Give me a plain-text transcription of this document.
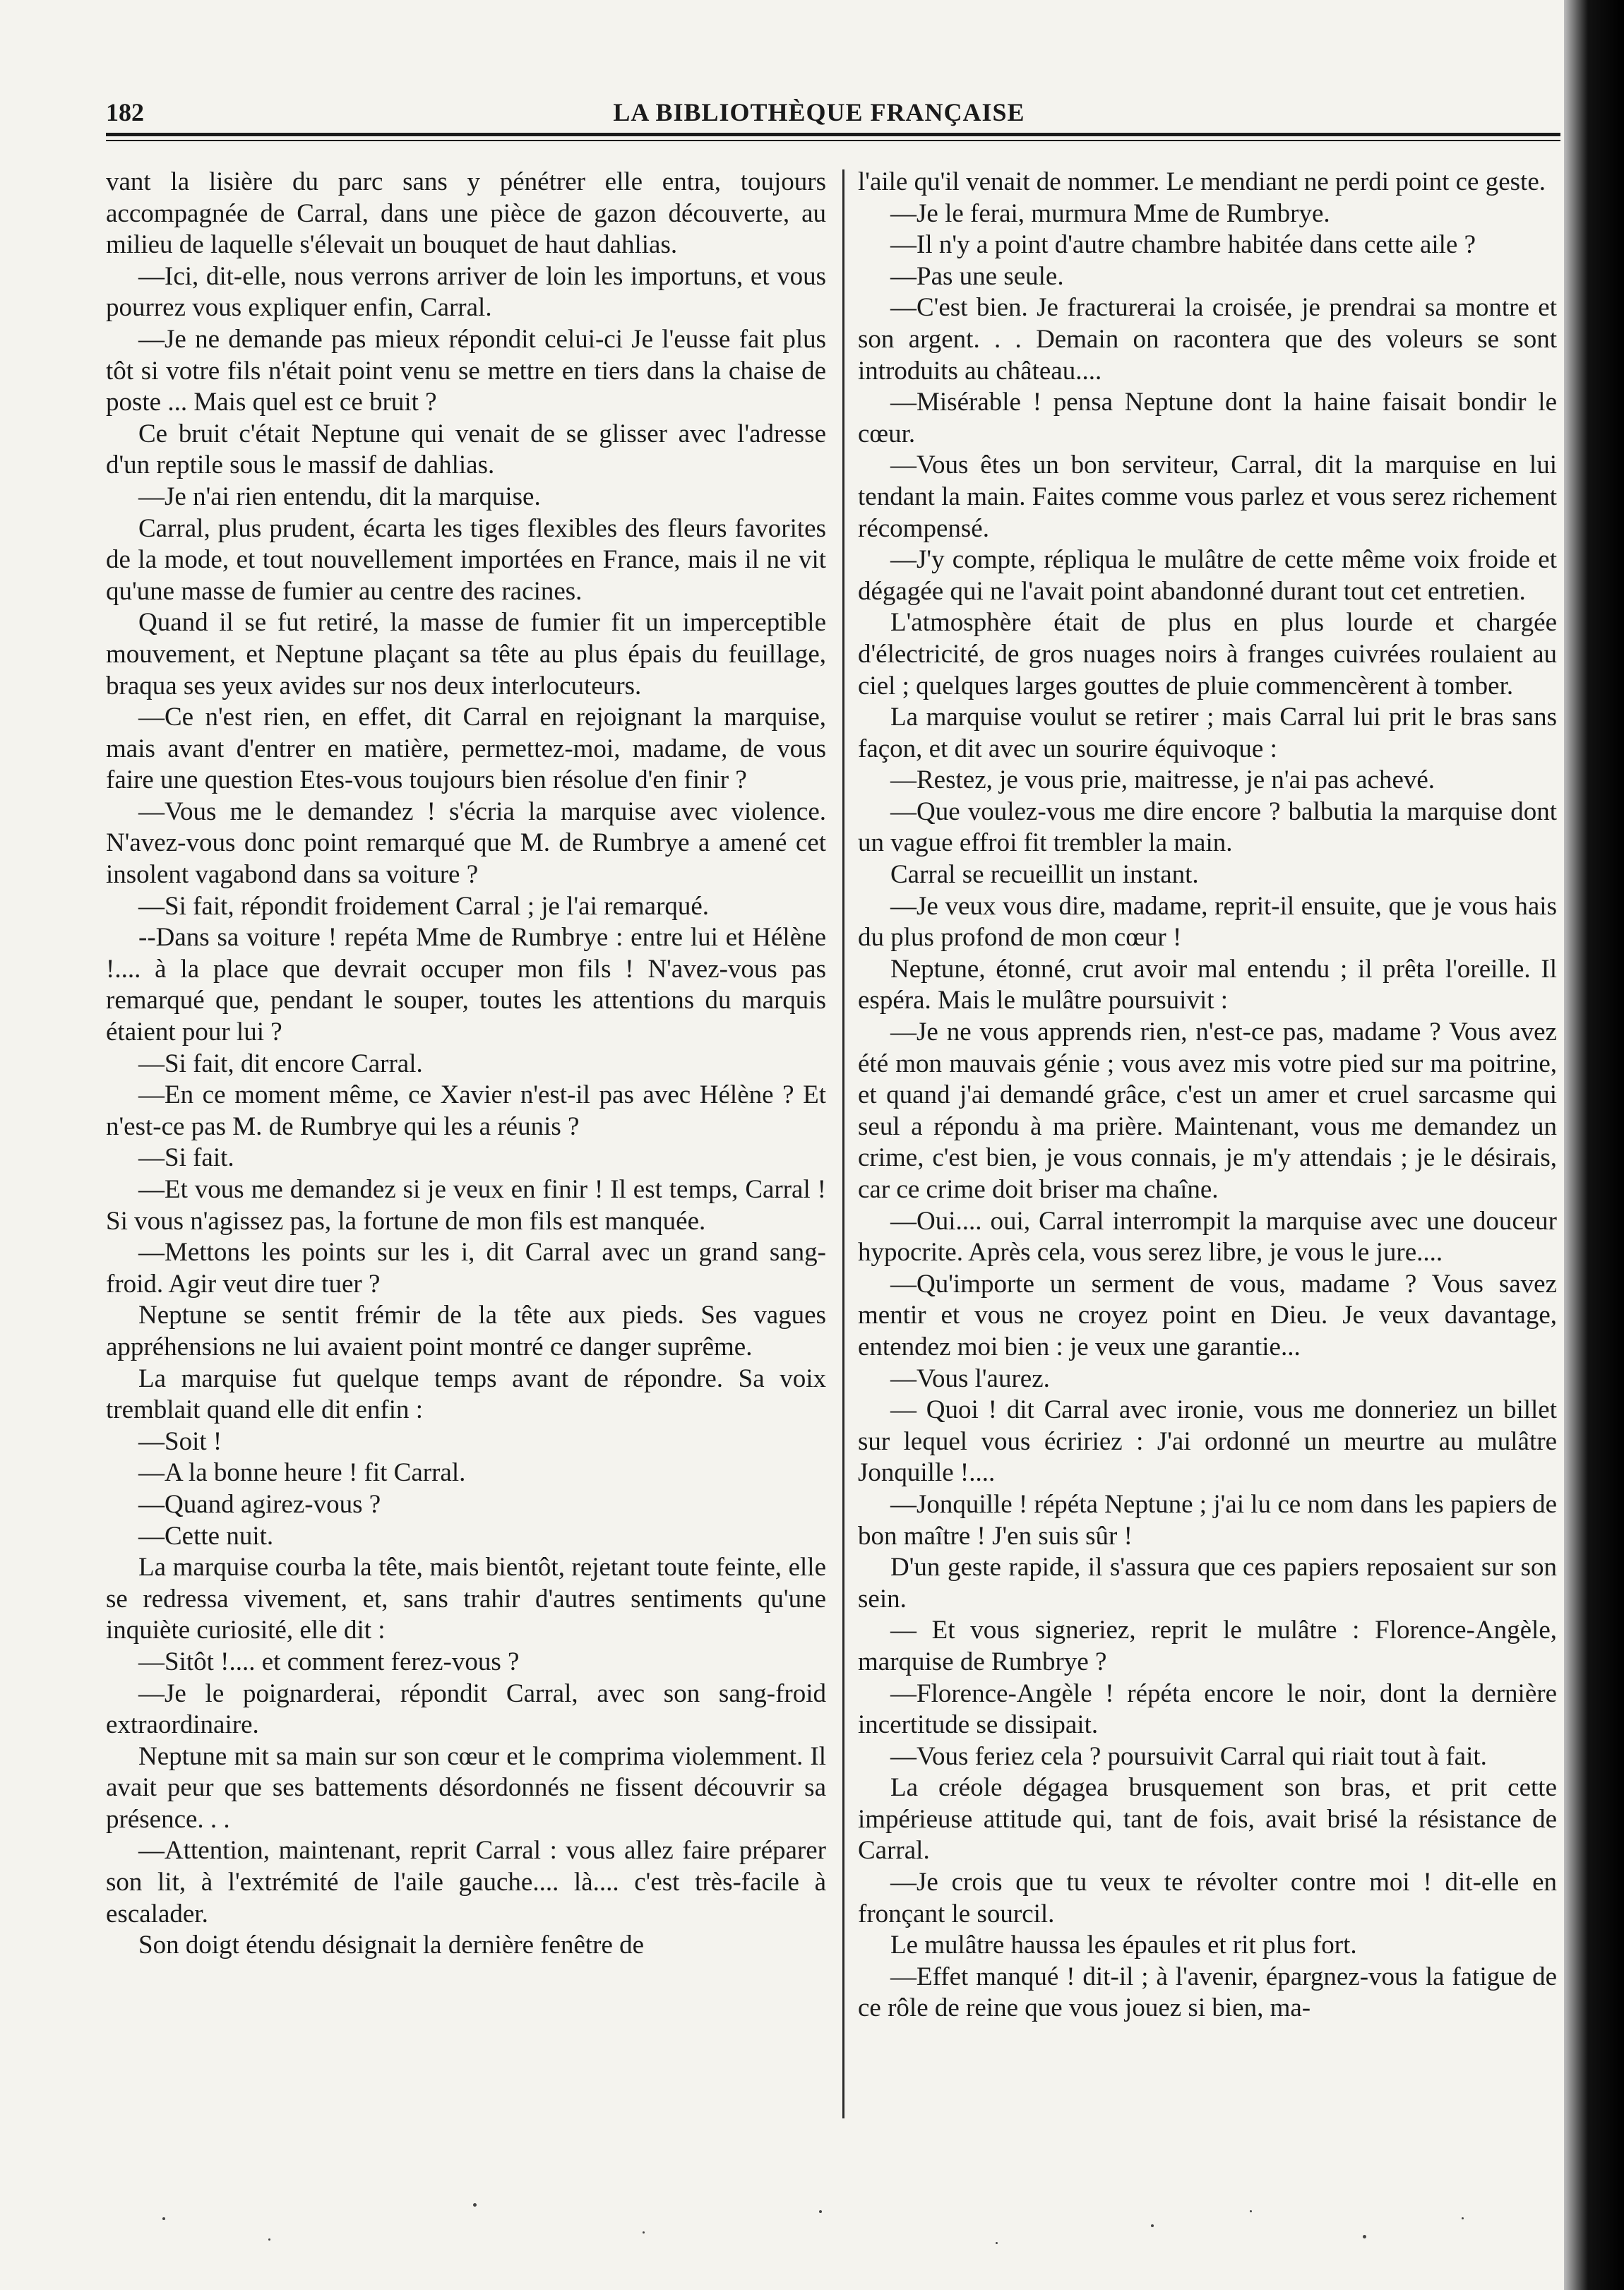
182	LA BIBLIOTHÈQUE FRANÇAISE

vant la lisière du parc sans y pénétrer elle entra, toujours accompagnée de Carral, dans une pièce de gazon découverte, au milieu de laquelle s'élevait un bouquet de haut dahlias.

—Ici, dit-elle, nous verrons arriver de loin les importuns, et vous pourrez vous expliquer enfin, Carral.

—Je ne demande pas mieux répondit celui-ci Je l'eusse fait plus tôt si votre fils n'était point venu se mettre en tiers dans la chaise de poste ... Mais quel est ce bruit ?

Ce bruit c'était Neptune qui venait de se glisser avec l'adresse d'un reptile sous le massif de dahlias.

—Je n'ai rien entendu, dit la marquise.

Carral, plus prudent, écarta les tiges flexibles des fleurs favorites de la mode, et tout nouvellement importées en France, mais il ne vit qu'une masse de fumier au centre des racines.

Quand il se fut retiré, la masse de fumier fit un imperceptible mouvement, et Neptune plaçant sa tête au plus épais du feuillage, braqua ses yeux avides sur nos deux interlocuteurs.

—Ce n'est rien, en effet, dit Carral en rejoignant la marquise, mais avant d'entrer en matière, permettez-moi, madame, de vous faire une question Etes-vous toujours bien résolue d'en finir ?

—Vous me le demandez ! s'écria la marquise avec violence. N'avez-vous donc point remarqué que M. de Rumbrye a amené cet insolent vagabond dans sa voiture ?

—Si fait, répondit froidement Carral ; je l'ai remarqué.

--Dans sa voiture ! repéta Mme de Rumbrye : entre lui et Hélène !.... à la place que devrait occuper mon fils ! N'avez-vous pas remarqué que, pendant le souper, toutes les attentions du marquis étaient pour lui ?

—Si fait, dit encore Carral.

—En ce moment même, ce Xavier n'est-il pas avec Hélène ? Et n'est-ce pas M. de Rumbrye qui les a réunis ?

—Si fait.

—Et vous me demandez si je veux en finir ! Il est temps, Carral ! Si vous n'agissez pas, la fortune de mon fils est manquée.

—Mettons les points sur les i, dit Carral avec un grand sang-froid. Agir veut dire tuer ?

Neptune se sentit frémir de la tête aux pieds. Ses vagues appréhensions ne lui avaient point montré ce danger suprême.

La marquise fut quelque temps avant de répondre. Sa voix tremblait quand elle dit enfin :

—Soit !

—A la bonne heure ! fit Carral.

—Quand agirez-vous ?

—Cette nuit.

La marquise courba la tête, mais bientôt, rejetant toute feinte, elle se redressa vivement, et, sans trahir d'autres sentiments qu'une inquiète curiosité, elle dit :

—Sitôt !.... et comment ferez-vous ?

—Je le poignarderai, répondit Carral, avec son sang-froid extraordinaire.

Neptune mit sa main sur son cœur et le comprima violemment. Il avait peur que ses battements désordonnés ne fissent découvrir sa présence. . .

—Attention, maintenant, reprit Carral : vous allez faire préparer son lit, à l'extrémité de l'aile gauche.... là.... c'est très-facile à escalader.

Son doigt étendu désignait la dernière fenêtre de

l'aile qu'il venait de nommer. Le mendiant ne perdi point ce geste.

—Je le ferai, murmura Mme de Rumbrye.

—Il n'y a point d'autre chambre habitée dans cette aile ?

—Pas une seule.

—C'est bien. Je fracturerai la croisée, je prendrai sa montre et son argent. . . Demain on racontera que des voleurs se sont introduits au château....

—Misérable ! pensa Neptune dont la haine faisait bondir le cœur.

—Vous êtes un bon serviteur, Carral, dit la marquise en lui tendant la main. Faites comme vous parlez et vous serez richement récompensé.

—J'y compte, répliqua le mulâtre de cette même voix froide et dégagée qui ne l'avait point abandonné durant tout cet entretien.

L'atmosphère était de plus en plus lourde et chargée d'électricité, de gros nuages noirs à franges cuivrées roulaient au ciel ; quelques larges gouttes de pluie commencèrent à tomber.

La marquise voulut se retirer ; mais Carral lui prit le bras sans façon, et dit avec un sourire équivoque :

—Restez, je vous prie, maitresse, je n'ai pas achevé.

—Que voulez-vous me dire encore ? balbutia la marquise dont un vague effroi fit trembler la main.

Carral se recueillit un instant.

—Je veux vous dire, madame, reprit-il ensuite, que je vous hais du plus profond de mon cœur !

Neptune, étonné, crut avoir mal entendu ; il prêta l'oreille. Il espéra. Mais le mulâtre poursuivit :

—Je ne vous apprends rien, n'est-ce pas, madame ? Vous avez été mon mauvais génie ; vous avez mis votre pied sur ma poitrine, et quand j'ai demandé grâce, c'est un amer et cruel sarcasme qui seul a répondu à ma prière. Maintenant, vous me demandez un crime, c'est bien, je vous connais, je m'y attendais ; je le désirais, car ce crime doit briser ma chaîne.

—Oui.... oui, Carral interrompit la marquise avec une douceur hypocrite. Après cela, vous serez libre, je vous le jure....

—Qu'importe un serment de vous, madame ? Vous savez mentir et vous ne croyez point en Dieu. Je veux davantage, entendez moi bien : je veux une garantie...

—Vous l'aurez.

— Quoi ! dit Carral avec ironie, vous me donneriez un billet sur lequel vous écririez : J'ai ordonné un meurtre au mulâtre Jonquille !....

—Jonquille ! répéta Neptune ; j'ai lu ce nom dans les papiers de bon maître ! J'en suis sûr !

D'un geste rapide, il s'assura que ces papiers reposaient sur son sein.

— Et vous signeriez, reprit le mulâtre : Florence-Angèle, marquise de Rumbrye ?

—Florence-Angèle ! répéta encore le noir, dont la dernière incertitude se dissipait.

—Vous feriez cela ? poursuivit Carral qui riait tout à fait.

La créole dégagea brusquement son bras, et prit cette impérieuse attitude qui, tant de fois, avait brisé la résistance de Carral.

—Je crois que tu veux te révolter contre moi ! dit-elle en fronçant le sourcil.

Le mulâtre haussa les épaules et rit plus fort.

—Effet manqué ! dit-il ; à l'avenir, épargnez-vous la fatigue de ce rôle de reine que vous jouez si bien, ma-
